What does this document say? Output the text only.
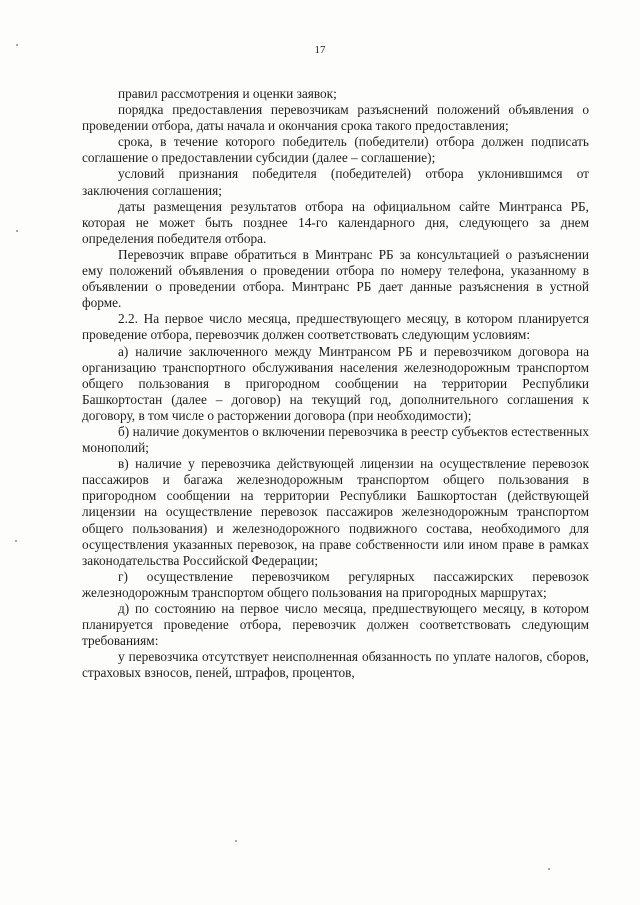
17

правил рассмотрения и оценки заявок;

порядка предоставления перевозчикам разъяснений положений объявления о проведении отбора, даты начала и окончания срока такого предоставления;

срока, в течение которого победитель (победители) отбора должен подписать соглашение о предоставлении субсидии (далее – соглашение);

условий признания победителя (победителей) отбора уклонившимся от заключения соглашения;

даты размещения результатов отбора на официальном сайте Минтранса РБ, которая не может быть позднее 14-го календарного дня, следующего за днем определения победителя отбора.

Перевозчик вправе обратиться в Минтранс РБ за консультацией о разъяснении ему положений объявления о проведении отбора по номеру телефона, указанному в объявлении о проведении отбора. Минтранс РБ дает данные разъяснения в устной форме.

2.2. На первое число месяца, предшествующего месяцу, в котором планируется проведение отбора, перевозчик должен соответствовать следующим условиям:

а) наличие заключенного между Минтрансом РБ и перевозчиком договора на организацию транспортного обслуживания населения железнодорожным транспортом общего пользования в пригородном сообщении на территории Республики Башкортостан (далее – договор) на текущий год, дополнительного соглашения к договору, в том числе о расторжении договора (при необходимости);

б) наличие документов о включении перевозчика в реестр субъектов естественных монополий;

в) наличие у перевозчика действующей лицензии на осуществление перевозок пассажиров и багажа железнодорожным транспортом общего пользования в пригородном сообщении на территории Республики Башкортостан (действующей лицензии на осуществление перевозок пассажиров железнодорожным транспортом общего пользования) и железнодорожного подвижного состава, необходимого для осуществления указанных перевозок, на праве собственности или ином праве в рамках законодательства Российской Федерации;

г) осуществление перевозчиком регулярных пассажирских перевозок железнодорожным транспортом общего пользования на пригородных маршрутах;

д) по состоянию на первое число месяца, предшествующего месяцу, в котором планируется проведение отбора, перевозчик должен соответствовать следующим требованиям:

у перевозчика отсутствует неисполненная обязанность по уплате налогов, сборов, страховых взносов, пеней, штрафов, процентов,
